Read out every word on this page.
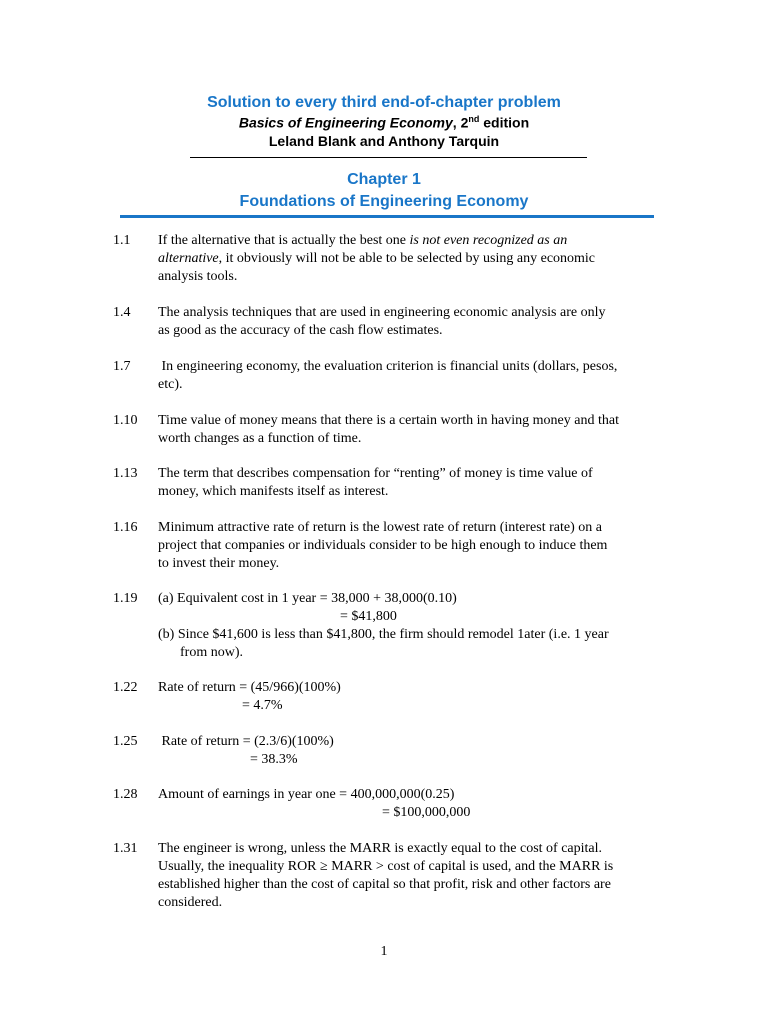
Solution to every third end-of-chapter problem
Basics of Engineering Economy, 2nd edition
Leland Blank and Anthony Tarquin
Chapter 1
Foundations of Engineering Economy
1.1 If the alternative that is actually the best one is not even recognized as an
alternative, it obviously will not be able to be selected by using any economic
analysis tools.
1.4 The analysis techniques that are used in engineering economic analysis are only
as good as the accuracy of the cash flow estimates.
1.7 In engineering economy, the evaluation criterion is financial units (dollars, pesos,
etc).
1.10 Time value of money means that there is a certain worth in having money and that
worth changes as a function of time.
1.13 The term that describes compensation for “renting” of money is time value of
money, which manifests itself as interest.
1.16 Minimum attractive rate of return is the lowest rate of return (interest rate) on a
project that companies or individuals consider to be high enough to induce them
to invest their money.
1.19 (a) Equivalent cost in 1 year = 38,000 + 38,000(0.10)
= $41,800
(b) Since $41,600 is less than $41,800, the firm should remodel 1ater (i.e. 1 year
from now).
1.22 Rate of return = (45/966)(100%)
= 4.7%
1.25 Rate of return = (2.3/6)(100%)
= 38.3%
1.28 Amount of earnings in year one = 400,000,000(0.25)
= $100,000,000
1.31 The engineer is wrong, unless the MARR is exactly equal to the cost of capital.
Usually, the inequality ROR ≥ MARR > cost of capital is used, and the MARR is
established higher than the cost of capital so that profit, risk and other factors are
considered.
1
